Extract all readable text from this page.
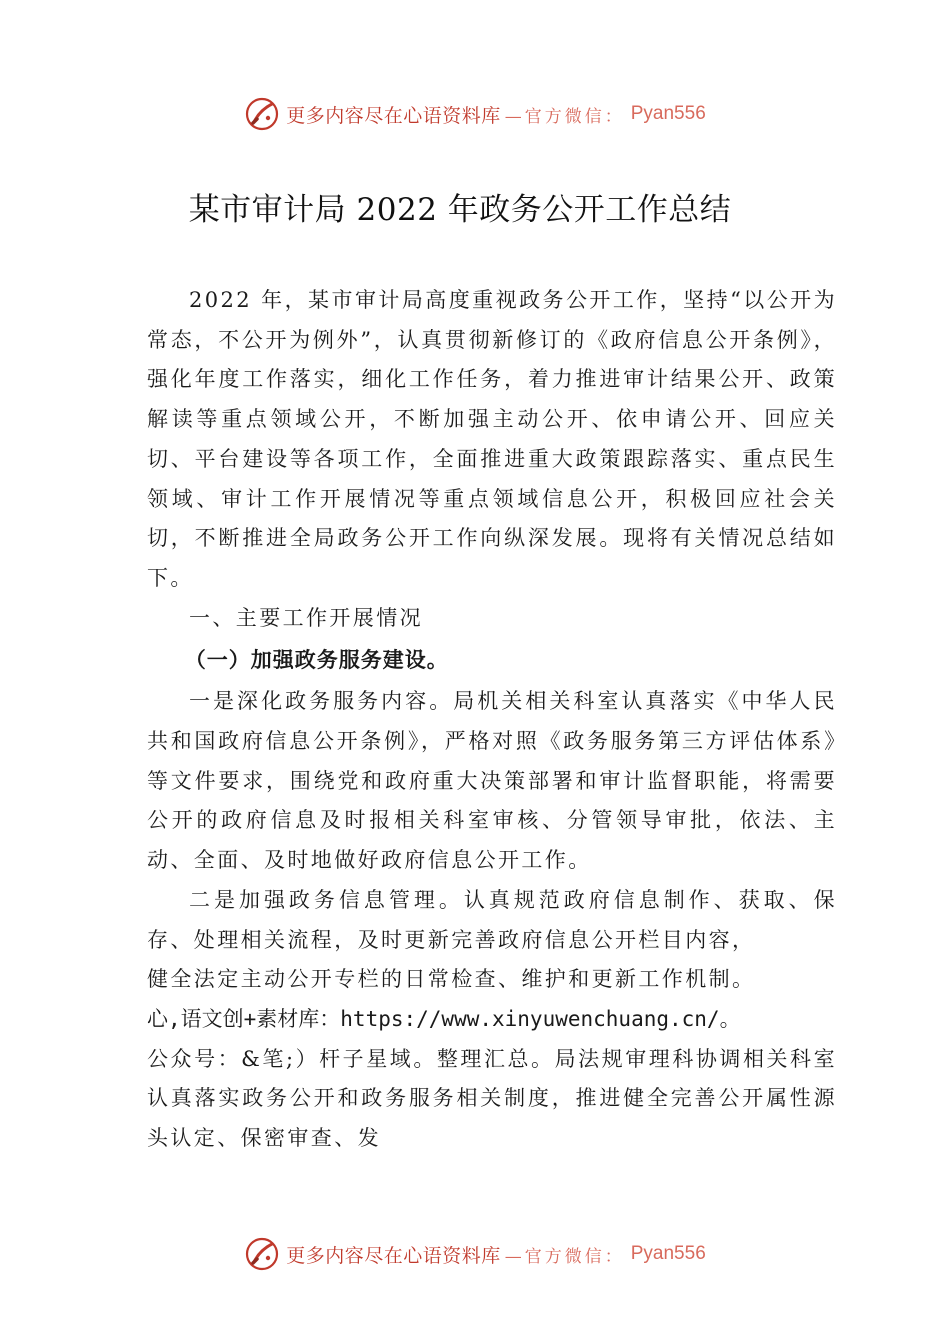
更多内容尽在心语资料库 —官方微信： Pyan556
某市审计局 2022 年政务公开工作总结

2022 年，某市审计局高度重视政务公开工作，坚持“以公开为常态，不公开为例外”，认真贯彻新修订的《政府信息公开条例》，强化年度工作落实，细化工作任务，着力推进审计结果公开、政策解读等重点领域公开，不断加强主动公开、依申请公开、回应关切、平台建设等各项工作，全面推进重大政策跟踪落实、重点民生领域、审计工作开展情况等重点领域信息公开，积极回应社会关切，不断推进全局政务公开工作向纵深发展。现将有关情况总结如下。

一、主要工作开展情况

（一）加强政务服务建设。

一是深化政务服务内容。局机关相关科室认真落实《中华人民共和国政府信息公开条例》，严格对照《政务服务第三方评估体系》等文件要求，围绕党和政府重大决策部署和审计监督职能，将需要公开的政府信息及时报相关科室审核、分管领导审批，依法、主动、全面、及时地做好政府信息公开工作。

二是加强政务信息管理。认真规范政府信息制作、获取、保存、处理相关流程，及时更新完善政府信息公开栏目内容，

健全法定主动公开专栏的日常检查、维护和更新工作机制。

心,语文创+素材库：https://www.xinyuwenchuang.cn/。

公众号：&笔;）杆子星域。整理汇总。局法规审理科协调相关科室认真落实政务公开和政务服务相关制度，推进健全完善公开属性源头认定、保密审查、发

更多内容尽在心语资料库 —官方微信： Pyan556
